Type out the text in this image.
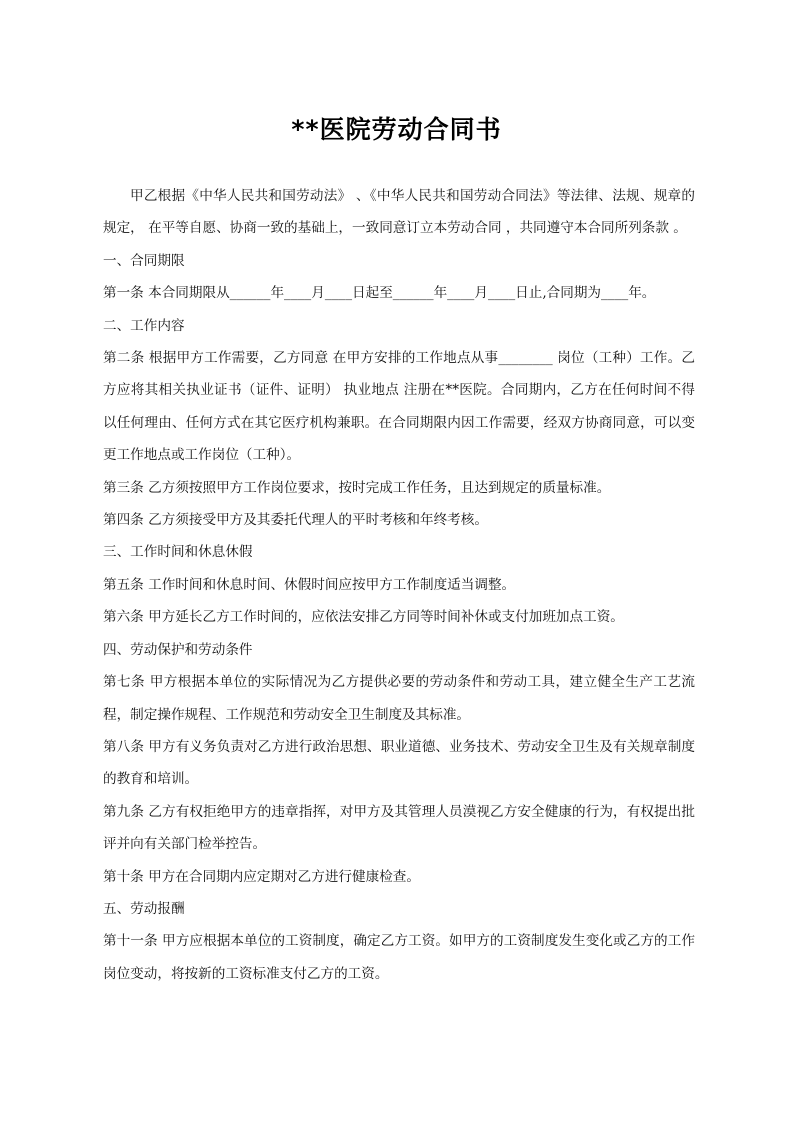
**医院劳动合同书

甲乙根据《中华人民共和国劳动法》 、《中华人民共和国劳动合同法》等法律、法规、规章的规定， 在平等自愿、协商一致的基础上，一致同意订立本劳动合同 ，共同遵守本合同所列条款 。

一、合同期限

第一条 本合同期限从______年____月____日起至______年____月____日止,合同期为____年。

二、工作内容

第二条 根据甲方工作需要，乙方同意 在甲方安排的工作地点从事________ 岗位（工种）工作。乙方应将其相关执业证书（证件、证明） 执业地点 注册在**医院。合同期内，乙方在任何时间不得以任何理由、任何方式在其它医疗机构兼职。在合同期限内因工作需要，经双方协商同意，可以变更工作地点或工作岗位（工种）。

第三条 乙方须按照甲方工作岗位要求，按时完成工作任务，且达到规定的质量标准。

第四条 乙方须接受甲方及其委托代理人的平时考核和年终考核。

三、工作时间和休息休假

第五条 工作时间和休息时间、休假时间应按甲方工作制度适当调整。

第六条 甲方延长乙方工作时间的，应依法安排乙方同等时间补休或支付加班加点工资。

四、劳动保护和劳动条件

第七条 甲方根据本单位的实际情况为乙方提供必要的劳动条件和劳动工具，建立健全生产工艺流程，制定操作规程、工作规范和劳动安全卫生制度及其标准。

第八条 甲方有义务负责对乙方进行政治思想、职业道德、业务技术、劳动安全卫生及有关规章制度的教育和培训。

第九条 乙方有权拒绝甲方的违章指挥，对甲方及其管理人员漠视乙方安全健康的行为，有权提出批评并向有关部门检举控告。

第十条 甲方在合同期内应定期对乙方进行健康检查。

五、劳动报酬

第十一条 甲方应根据本单位的工资制度，确定乙方工资。如甲方的工资制度发生变化或乙方的工作岗位变动，将按新的工资标准支付乙方的工资。
